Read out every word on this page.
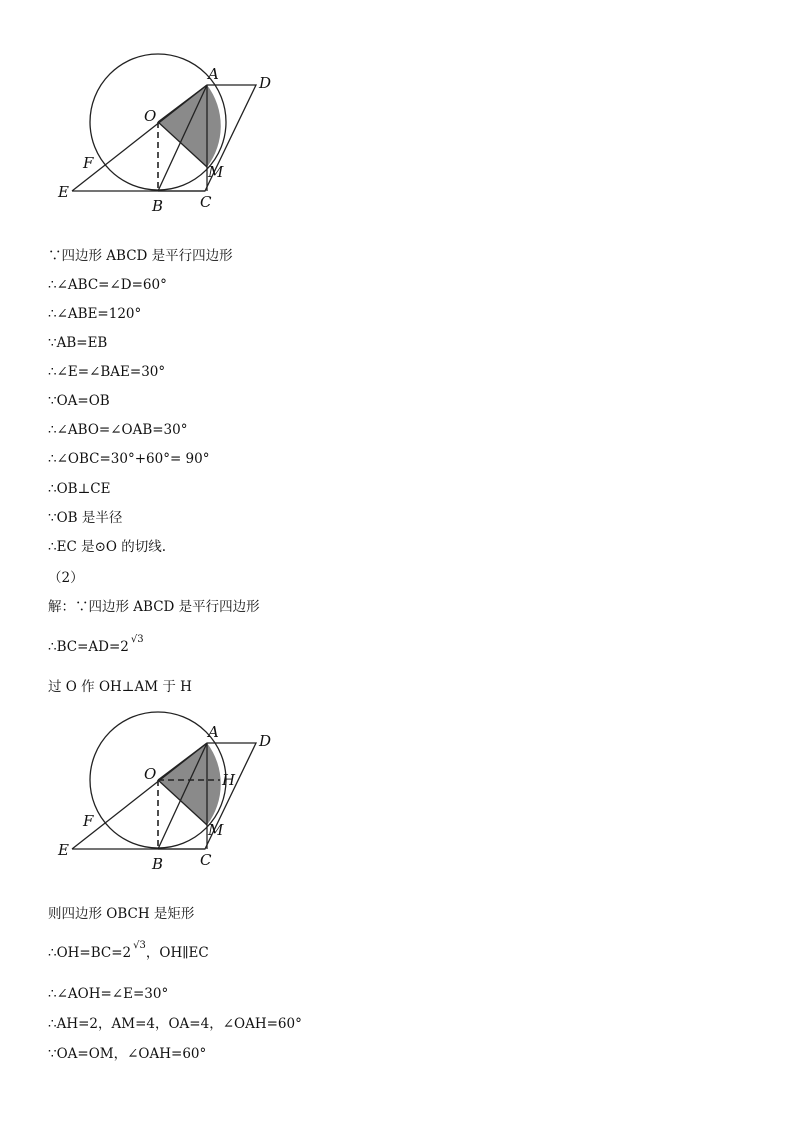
A	D
O
F	M
E
B C
∵四边形 ABCD 是平行四边形
∴∠ABC=∠D=60°
∴∠ABE=120°
∵AB=EB
∴∠E=∠BAE=30°
∵OA=OB
∴∠ABO=∠OAB=30°
∴∠OBC=30°+60°= 90°
∴OB⊥CE
∵OB 是半径
∴EC 是⊙O 的切线.
（2）
解：∵四边形 ABCD 是平行四边形
∴BC=AD=2 $^{√3}$
过 O 作 OH⊥AM 于 H
A	D
O	H
F	M
E
B C
则四边形 OBCH 是矩形
∴OH=BC=2 $^{√3}$，OH∥EC
∴∠AOH=∠E=30°
∴AH=2，AM=4，OA=4，∠OAH=60°
∵OA=OM，∠OAH=60°
